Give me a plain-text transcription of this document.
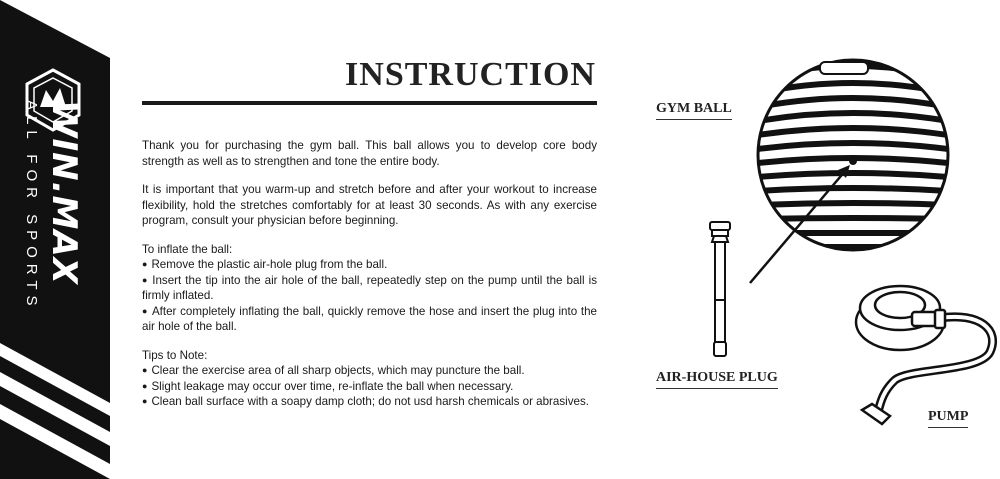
WIN.MAX
ALL FOR SPORTS
INSTRUCTION

Thank you for purchasing the gym ball. This ball allows you to develop core body strength as well as to strengthen and tone the entire body.

It is important that you warm-up and stretch before and after your workout to increase flexibility, hold the stretches comfortably for at least 30 seconds. As with any exercise program, consult your physician before beginning.

To inflate the ball:

● Remove the plastic air-hole plug from the ball.
● Insert the tip into the air hole of the ball, repeatedly step on the pump until the ball is firmly inflated.
● After completely inflating the ball, quickly remove the hose and insert the plug into the air hole of the ball.

Tips to Note:

● Clear the exercise area of all sharp objects, which may puncture the ball.
● Slight leakage may occur over time, re-inflate the ball when necessary.
● Clean ball surface with a soapy damp cloth; do not usd harsh chemicals or abrasives.
GYM BALL
AIR-HOUSE PLUG
PUMP
